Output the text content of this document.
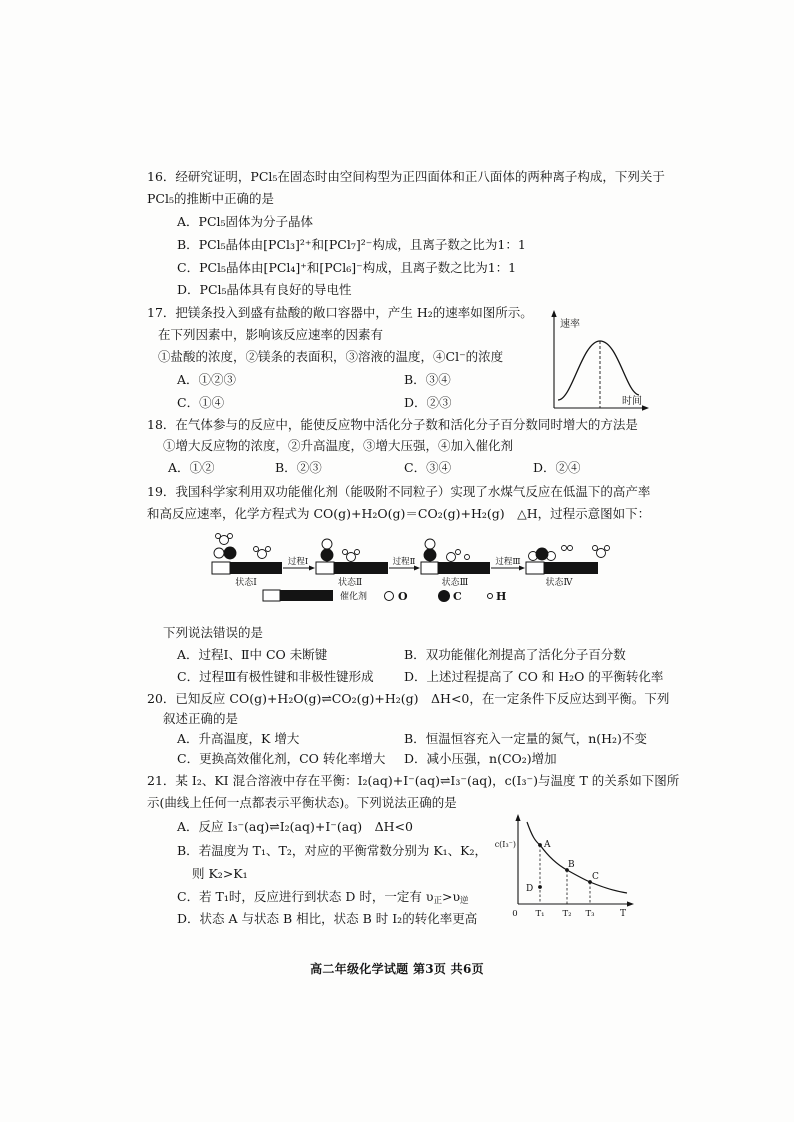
16．经研究证明，PCl₅在固态时由空间构型为正四面体和正八面体的两种离子构成，下列关于
PCl₅的推断中正确的是
A．PCl₅固体为分子晶体
B．PCl₅晶体由[PCl₃]²⁺和[PCl₇]²⁻构成，且离子数之比为1：1
C．PCl₅晶体由[PCl₄]⁺和[PCl₆]⁻构成，且离子数之比为1：1
D．PCl₅晶体具有良好的导电性
17．把镁条投入到盛有盐酸的敞口容器中，产生 H₂的速率如图所示。
在下列因素中，影响该反应速率的因素有
①盐酸的浓度，②镁条的表面积，③溶液的温度，④Cl⁻的浓度
A．①②③	B．③④
C．①④	D．②③
速率
时间
18．在气体参与的反应中，能使反应物中活化分子数和活化分子百分数同时增大的方法是
①增大反应物的浓度，②升高温度，③增大压强，④加入催化剂
A．①②	B．②③	C．③④	D．②④
19．我国科学家利用双功能催化剂（能吸附不同粒子）实现了水煤气反应在低温下的高产率
和高反应速率，化学方程式为 CO(g)+H₂O(g)＝CO₂(g)+H₂(g)　△H，过程示意图如下：
过程Ⅰ	过程Ⅱ	过程Ⅲ
状态Ⅰ	状态Ⅱ	状态Ⅲ	状态Ⅳ
催化剂	O	C	H
下列说法错误的是
A．过程Ⅰ、Ⅱ中 CO 未断键	B．双功能催化剂提高了活化分子百分数
C．过程Ⅲ有极性键和非极性键形成 D．上述过程提高了 CO 和 H₂O 的平衡转化率
20．已知反应 CO(g)+H₂O(g)⇌CO₂(g)+H₂(g)　ΔH<0，在一定条件下反应达到平衡。下列
叙述正确的是
A．升高温度，K 增大	B．恒温恒容充入一定量的氮气，n(H₂)不变
C．更换高效催化剂，CO 转化率增大 D．减小压强，n(CO₂)增加
21．某 I₂、KI 混合溶液中存在平衡：I₂(aq)+I⁻(aq)⇌I₃⁻(aq)，c(I₃⁻)与温度 T 的关系如下图所
示(曲线上任何一点都表示平衡状态)。下列说法正确的是
A．反应 I₃⁻(aq)⇌I₂(aq)+I⁻(aq)　ΔH<0
B．若温度为 T₁、T₂，对应的平衡常数分别为 K₁、K₂，
则 K₂>K₁
C．若 T₁时，反应进行到状态 D 时，一定有 $\upsilon_正>\upsilon_逆$
D．状态 A 与状态 B 相比，状态 B 时 I₂的转化率更高
A
B
C
D
c(I₃⁻)
0 T₁ T₂ T₃	T
高二年级化学试题 第3页 共6页
